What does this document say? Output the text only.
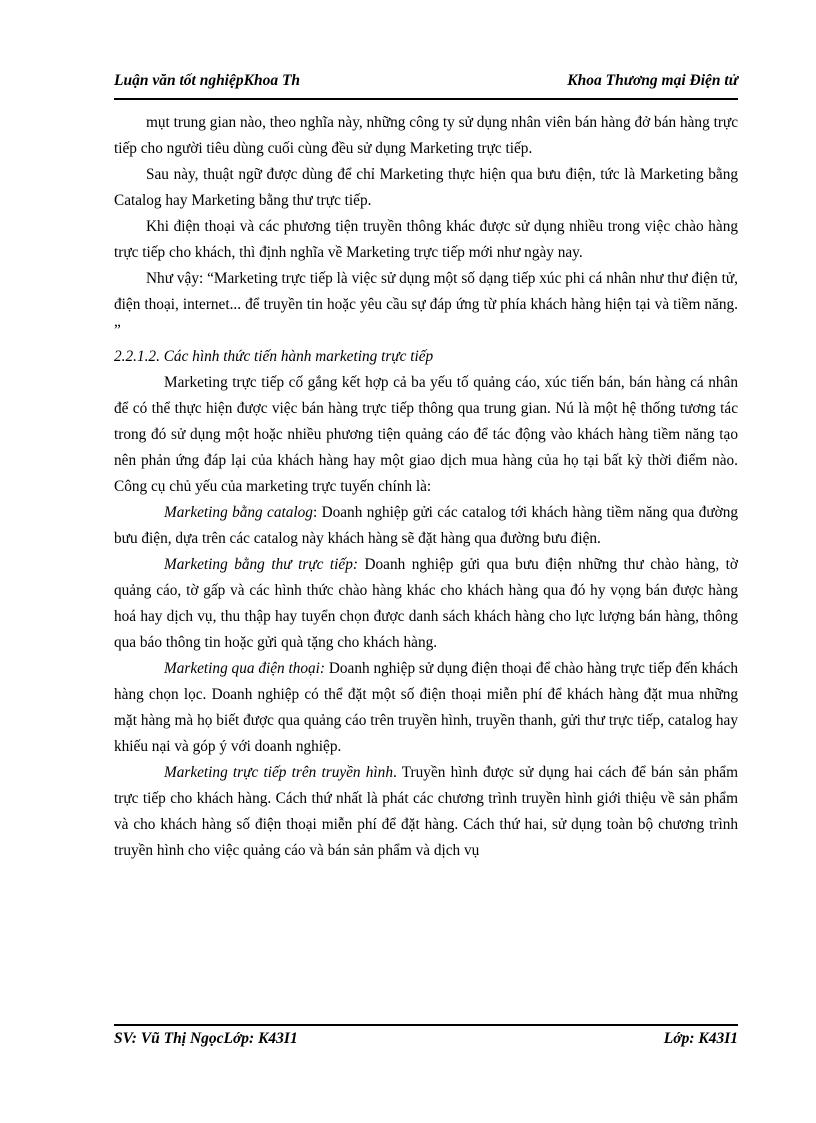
Luận văn tốt nghiệpKhoa Th	Khoa Thương mại Điện tử

mụt trung gian nào, theo nghĩa này, những công ty sử dụng nhân viên bán hàng đở bán hàng trực tiếp cho người tiêu dùng cuối cùng đều sử dụng Marketing trực tiếp.

Sau này, thuật ngữ được dùng để chỉ Marketing thực hiện qua bưu điện, tức là Marketing bằng Catalog hay Marketing bằng thư trực tiếp.

Khi điện thoại và các phương tiện truyền thông khác được sử dụng nhiều trong việc chào hàng trực tiếp cho khách, thì định nghĩa về Marketing trực tiếp mới như ngày nay.

Như vậy: “Marketing trực tiếp là việc sử dụng một số dạng tiếp xúc phi cá nhân như thư điện tử, điện thoại, internet... để truyền tin hoặc yêu cầu sự đáp ứng từ phía khách hàng hiện tại và tiềm năng. ”

2.2.1.2. Các hình thức tiến hành marketing trực tiếp

Marketing trực tiếp cố gắng kết hợp cả ba yếu tố quảng cáo, xúc tiến bán, bán hàng cá nhân để có thể thực hiện được việc bán hàng trực tiếp thông qua trung gian. Nú là một hệ thống tương tác trong đó sử dụng một hoặc nhiều phương tiện quảng cáo để tác động vào khách hàng tiềm năng tạo nên phản ứng đáp lại của khách hàng hay một giao dịch mua hàng của họ tại bất kỳ thời điểm nào. Công cụ chủ yếu của marketing trực tuyến chính là:

Marketing bằng catalog: Doanh nghiệp gửi các catalog tới khách hàng tiềm năng qua đường bưu điện, dựa trên các catalog này khách hàng sẽ đặt hàng qua đường bưu điện.

Marketing bằng thư trực tiếp: Doanh nghiệp gửi qua bưu điện những thư chào hàng, tờ quảng cáo, tờ gấp và các hình thức chào hàng khác cho khách hàng qua đó hy vọng bán được hàng hoá hay dịch vụ, thu thập hay tuyển chọn được danh sách khách hàng cho lực lượng bán hàng, thông qua báo thông tin hoặc gửi quà tặng cho khách hàng.

Marketing qua điện thoại: Doanh nghiệp sử dụng điện thoại để chào hàng trực tiếp đến khách hàng chọn lọc. Doanh nghiệp có thể đặt một số điện thoại miễn phí để khách hàng đặt mua những mặt hàng mà họ biết được qua quảng cáo trên truyền hình, truyền thanh, gửi thư trực tiếp, catalog hay khiếu nại và góp ý với doanh nghiệp.

Marketing trực tiếp trên truyền hình. Truyền hình được sử dụng hai cách để bán sản phẩm trực tiếp cho khách hàng. Cách thứ nhất là phát các chương trình truyền hình giới thiệu về sản phẩm và cho khách hàng số điện thoại miễn phí để đặt hàng. Cách thứ hai, sử dụng toàn bộ chương trình truyền hình cho việc quảng cáo và bán sản phẩm và dịch vụ

SV: Vũ Thị NgọcLớp: K43I1	Lớp: K43I1
